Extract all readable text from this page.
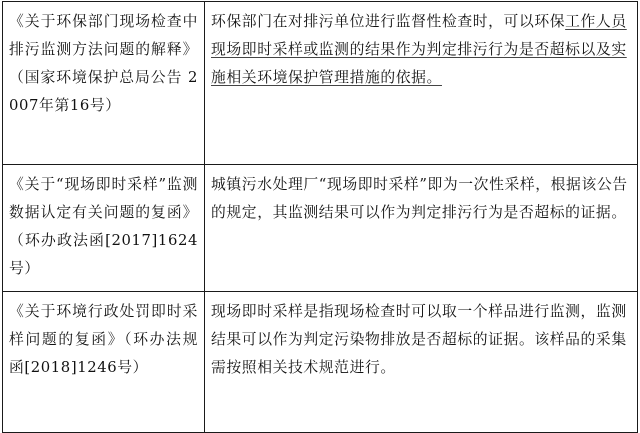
《关于环保部门现场检查中排污监测方法问题的解释》（国家环境保护总局公告 2007年第16号）	环保部门在对排污单位进行监督性检查时，可以环保工作人员现场即时采样或监测的结果作为判定排污行为是否超标以及实施相关环境保护管理措施的依据。
《关于“现场即时采样”监测数据认定有关问题的复函》（环办政法函[2017]1624号）	城镇污水处理厂“现场即时采样”即为一次性采样，根据该公告的规定，其监测结果可以作为判定排污行为是否超标的证据。
《关于环境行政处罚即时采样问题的复函》（环办法规函[2018]1246号）	现场即时采样是指现场检查时可以取一个样品进行监测，监测结果可以作为判定污染物排放是否超标的证据。该样品的采集需按照相关技术规范进行。
